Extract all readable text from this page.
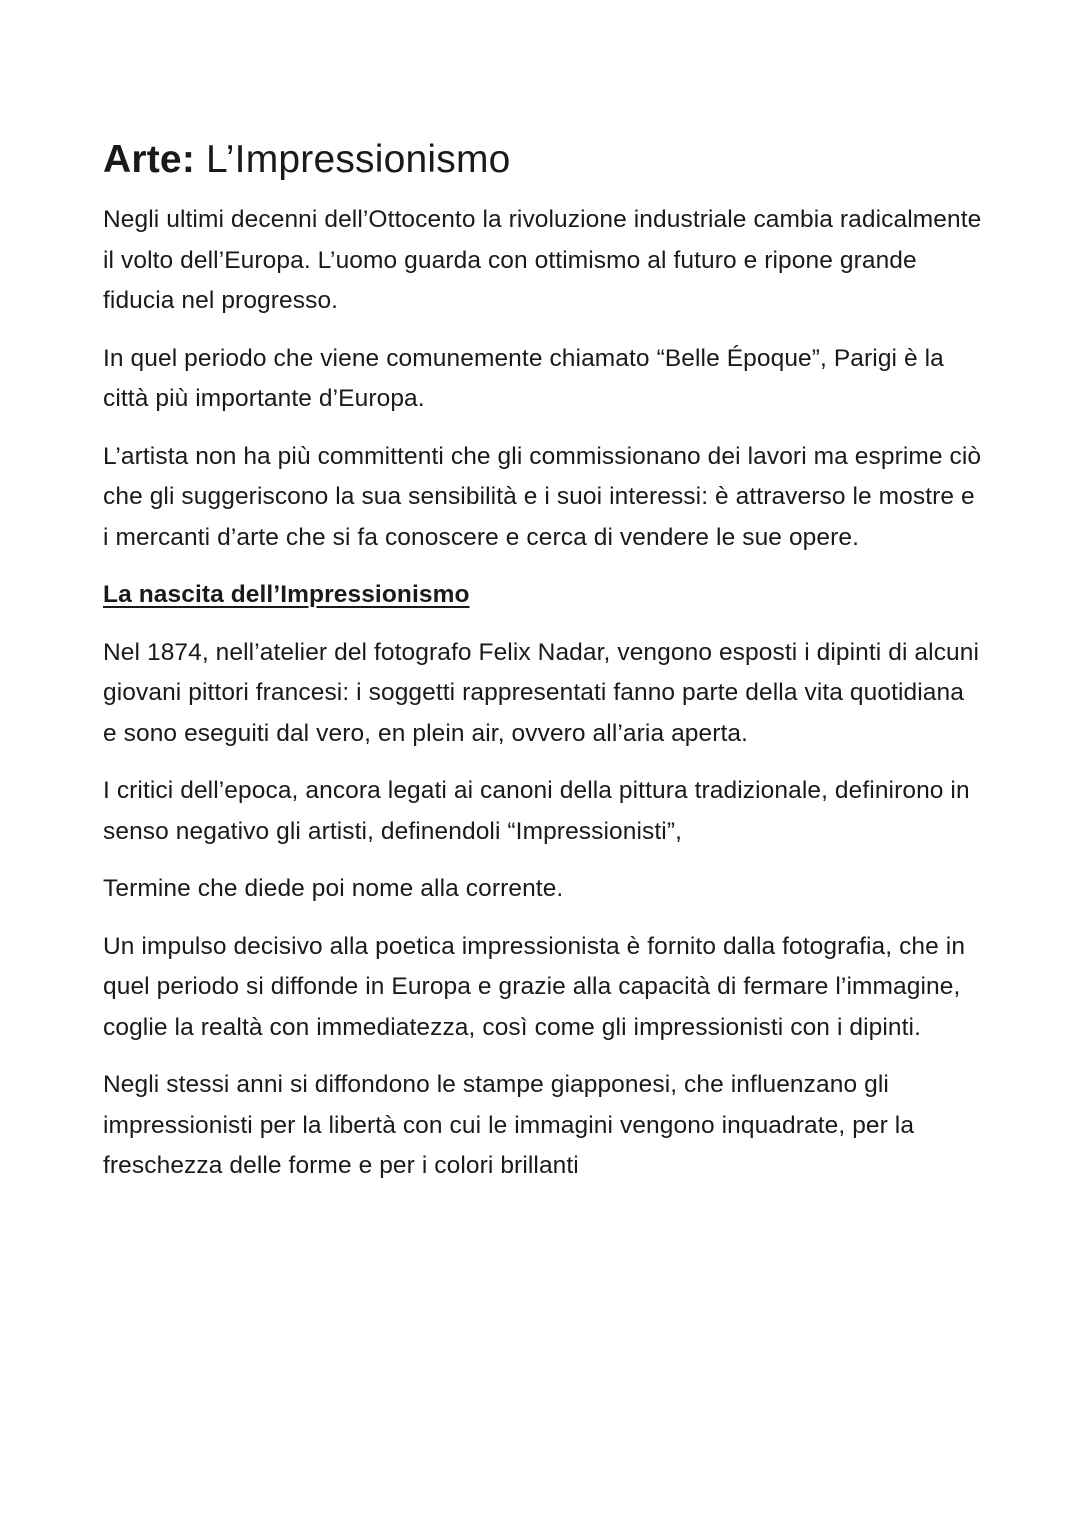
Arte: L’Impressionismo

Negli ultimi decenni dell’Ottocento la rivoluzione industriale cambia radicalmente il volto dell’Europa. L’uomo guarda con ottimismo al futuro e ripone grande fiducia nel progresso.

In quel periodo che viene comunemente chiamato “Belle Époque”, Parigi è la città più importante d’Europa.

L’artista non ha più committenti che gli commissionano dei lavori ma esprime ciò che gli suggeriscono la sua sensibilità e i suoi interessi: è attraverso le mostre e i mercanti d’arte che si fa conoscere e cerca di vendere le sue opere.

La nascita dell’Impressionismo

Nel 1874, nell’atelier del fotografo Felix Nadar, vengono esposti i dipinti di alcuni giovani pittori francesi: i soggetti rappresentati fanno parte della vita quotidiana e sono eseguiti dal vero, en plein air, ovvero all’aria aperta.

I critici dell’epoca, ancora legati ai canoni della pittura tradizionale, definirono in senso negativo gli artisti, definendoli “Impressionisti”,

Termine che diede poi nome alla corrente.

Un impulso decisivo alla poetica impressionista è fornito dalla fotografia, che in quel periodo si diffonde in Europa e grazie alla capacità di fermare l’immagine, coglie la realtà con immediatezza, così come gli impressionisti con i dipinti.

Negli stessi anni si diffondono le stampe giapponesi, che influenzano gli impressionisti per la libertà con cui le immagini vengono inquadrate, per la freschezza delle forme e per i colori brillanti
